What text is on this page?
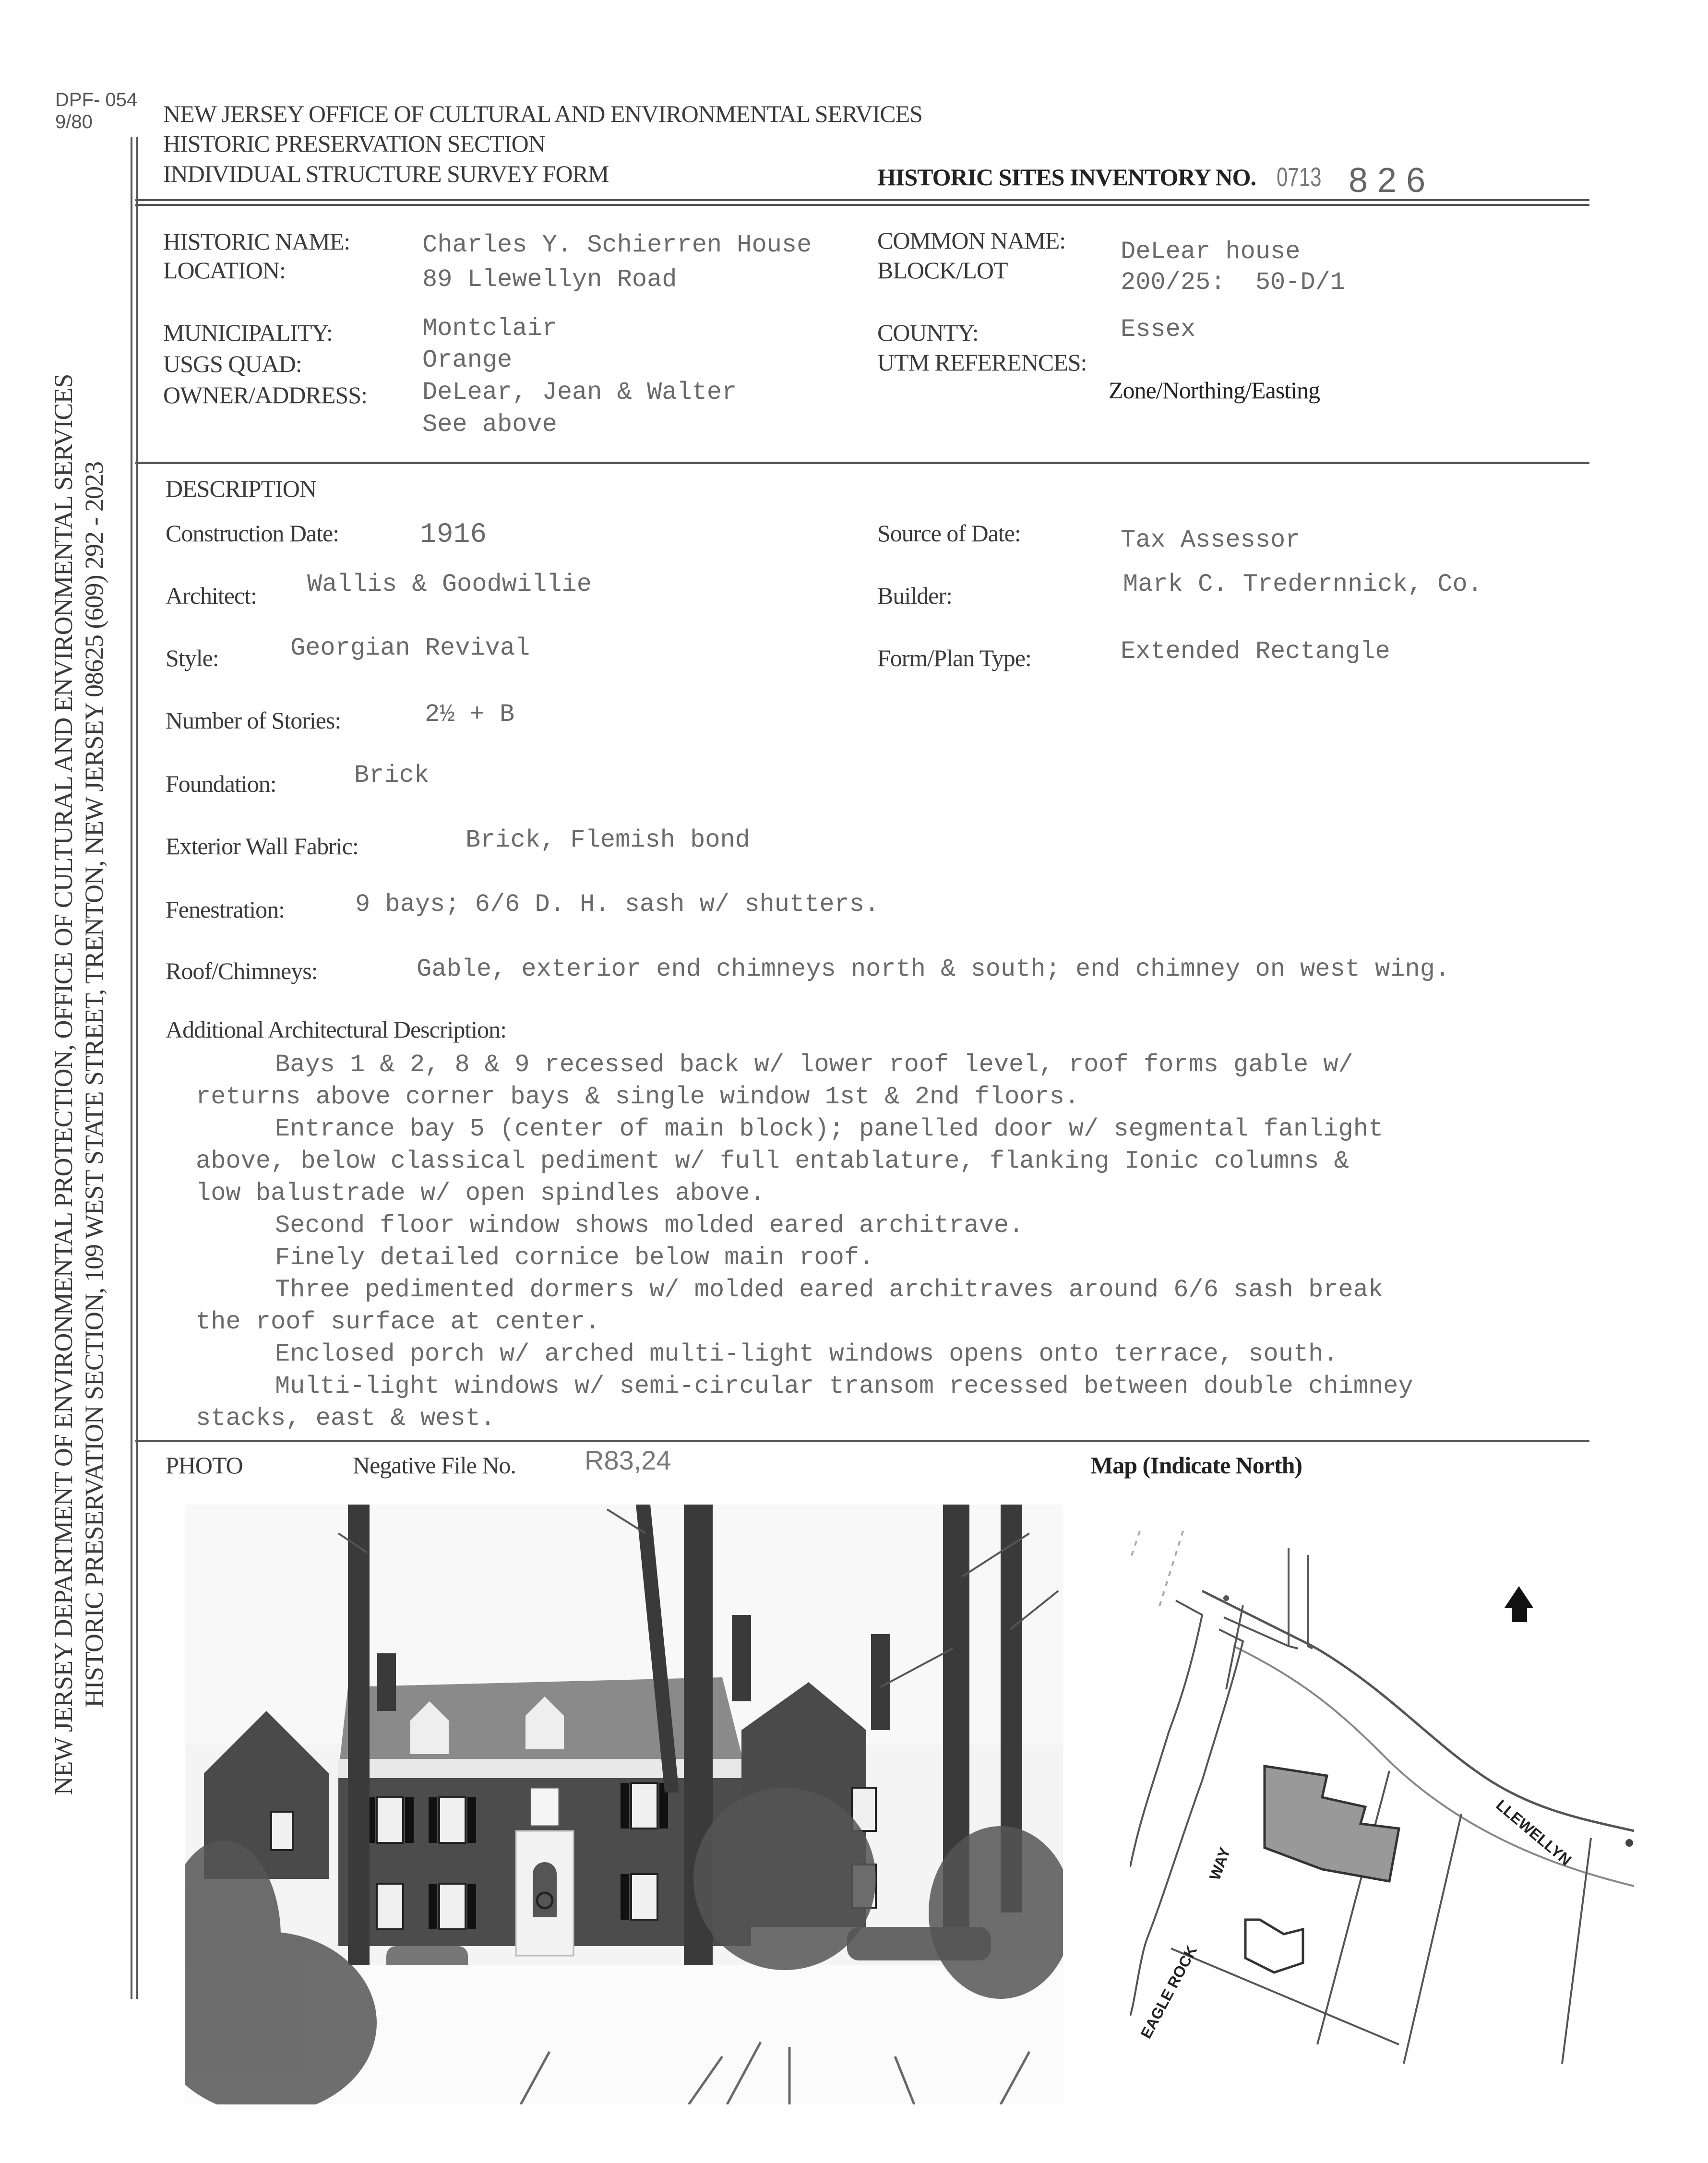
DPF- 054
9/80	NEW JERSEY OFFICE OF CULTURAL AND ENVIRONMENTAL SERVICES
HISTORIC PRESERVATION SECTION
INDIVIDUAL STRUCTURE SURVEY FORM	HISTORIC SITES INVENTORY NO. 0713 8 2 6
NEW JERSEY DEPARTMENT OF ENVIRONMENTAL PROTECTION, OFFICE OF CULTURAL AND ENVIRONMENTAL SERVICES HISTORIC PRESERVATION SECTION, 109 WEST STATE STREET, TRENTON, NEW JERSEY 08625 (609) 292 - 2023
HISTORIC NAME:	Charles Y. Schierren House
LOCATION:	89 Llewellyn Road
MUNICIPALITY:	Montclair
USGS QUAD:	Orange
OWNER/ADDRESS: DeLear, Jean & Walter
See above
COMMON NAME: DeLear house
BLOCK/LOT	200/25:  50-D/1
COUNTY:	Essex
UTM REFERENCES:
Zone/Northing/Easting
DESCRIPTION
Construction Date:	1916	Source of Date:	Tax Assessor
Architect: Wallis & Goodwillie	Builder:	Mark C. Tredernnick, Co.
Style:	Georgian Revival	Form/Plan Type:	Extended Rectangle
Number of Stories:	2½ + B
Foundation:	Brick
Exterior Wall Fabric:	Brick, Flemish bond
Fenestration:	9 bays; 6/6 D. H. sash w/ shutters.
Roof/Chimneys:	Gable, exterior end chimneys north & south; end chimney on west wing.
Additional Architectural Description:
Bays 1 & 2, 8 & 9 recessed back w/ lower roof level, roof forms gable w/
returns above corner bays & single window 1st & 2nd floors.
Entrance bay 5 (center of main block); panelled door w/ segmental fanlight
above, below classical pediment w/ full entablature, flanking Ionic columns &
low balustrade w/ open spindles above.
Second floor window shows molded eared architrave.
Finely detailed cornice below main roof.
Three pedimented dormers w/ molded eared architraves around 6/6 sash break
the roof surface at center.
Enclosed porch w/ arched multi-light windows opens onto terrace, south.
Multi-light windows w/ semi-circular transom recessed between double chimney
stacks, east & west.
PHOTO	Negative File No.	R83,24	Map (Indicate North)
LLEWELLYN
EAGLE ROCK
WAY
